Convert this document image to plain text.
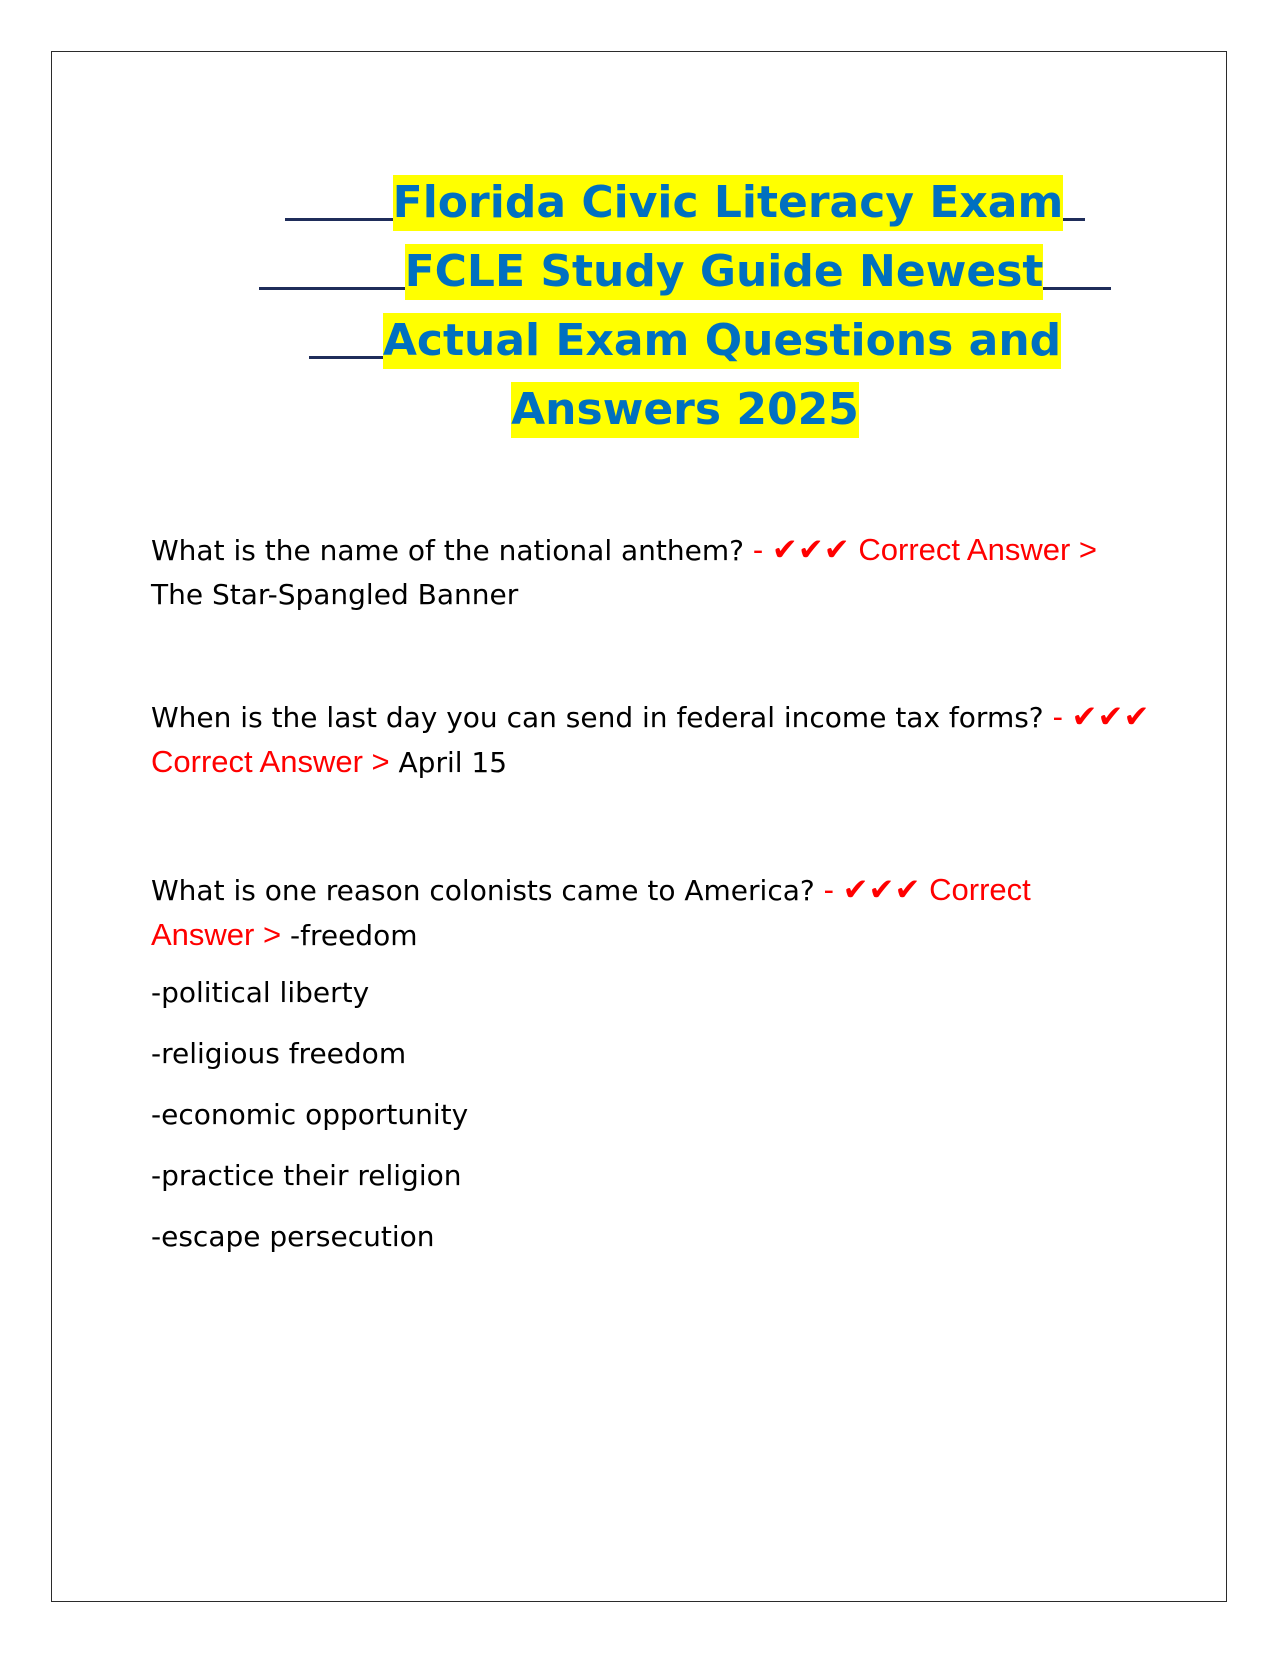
Florida Civic Literacy Exam
FCLE Study Guide Newest
Actual Exam Questions and
Answers 2025
What is the name of the national anthem? - ✔✔✔ Correct Answer >
The Star-Spangled Banner
When is the last day you can send in federal income tax forms? - ✔✔✔
Correct Answer > April 15
What is one reason colonists came to America? - ✔✔✔ Correct
Answer > -freedom
-political liberty
-religious freedom
-economic opportunity
-practice their religion
-escape persecution
